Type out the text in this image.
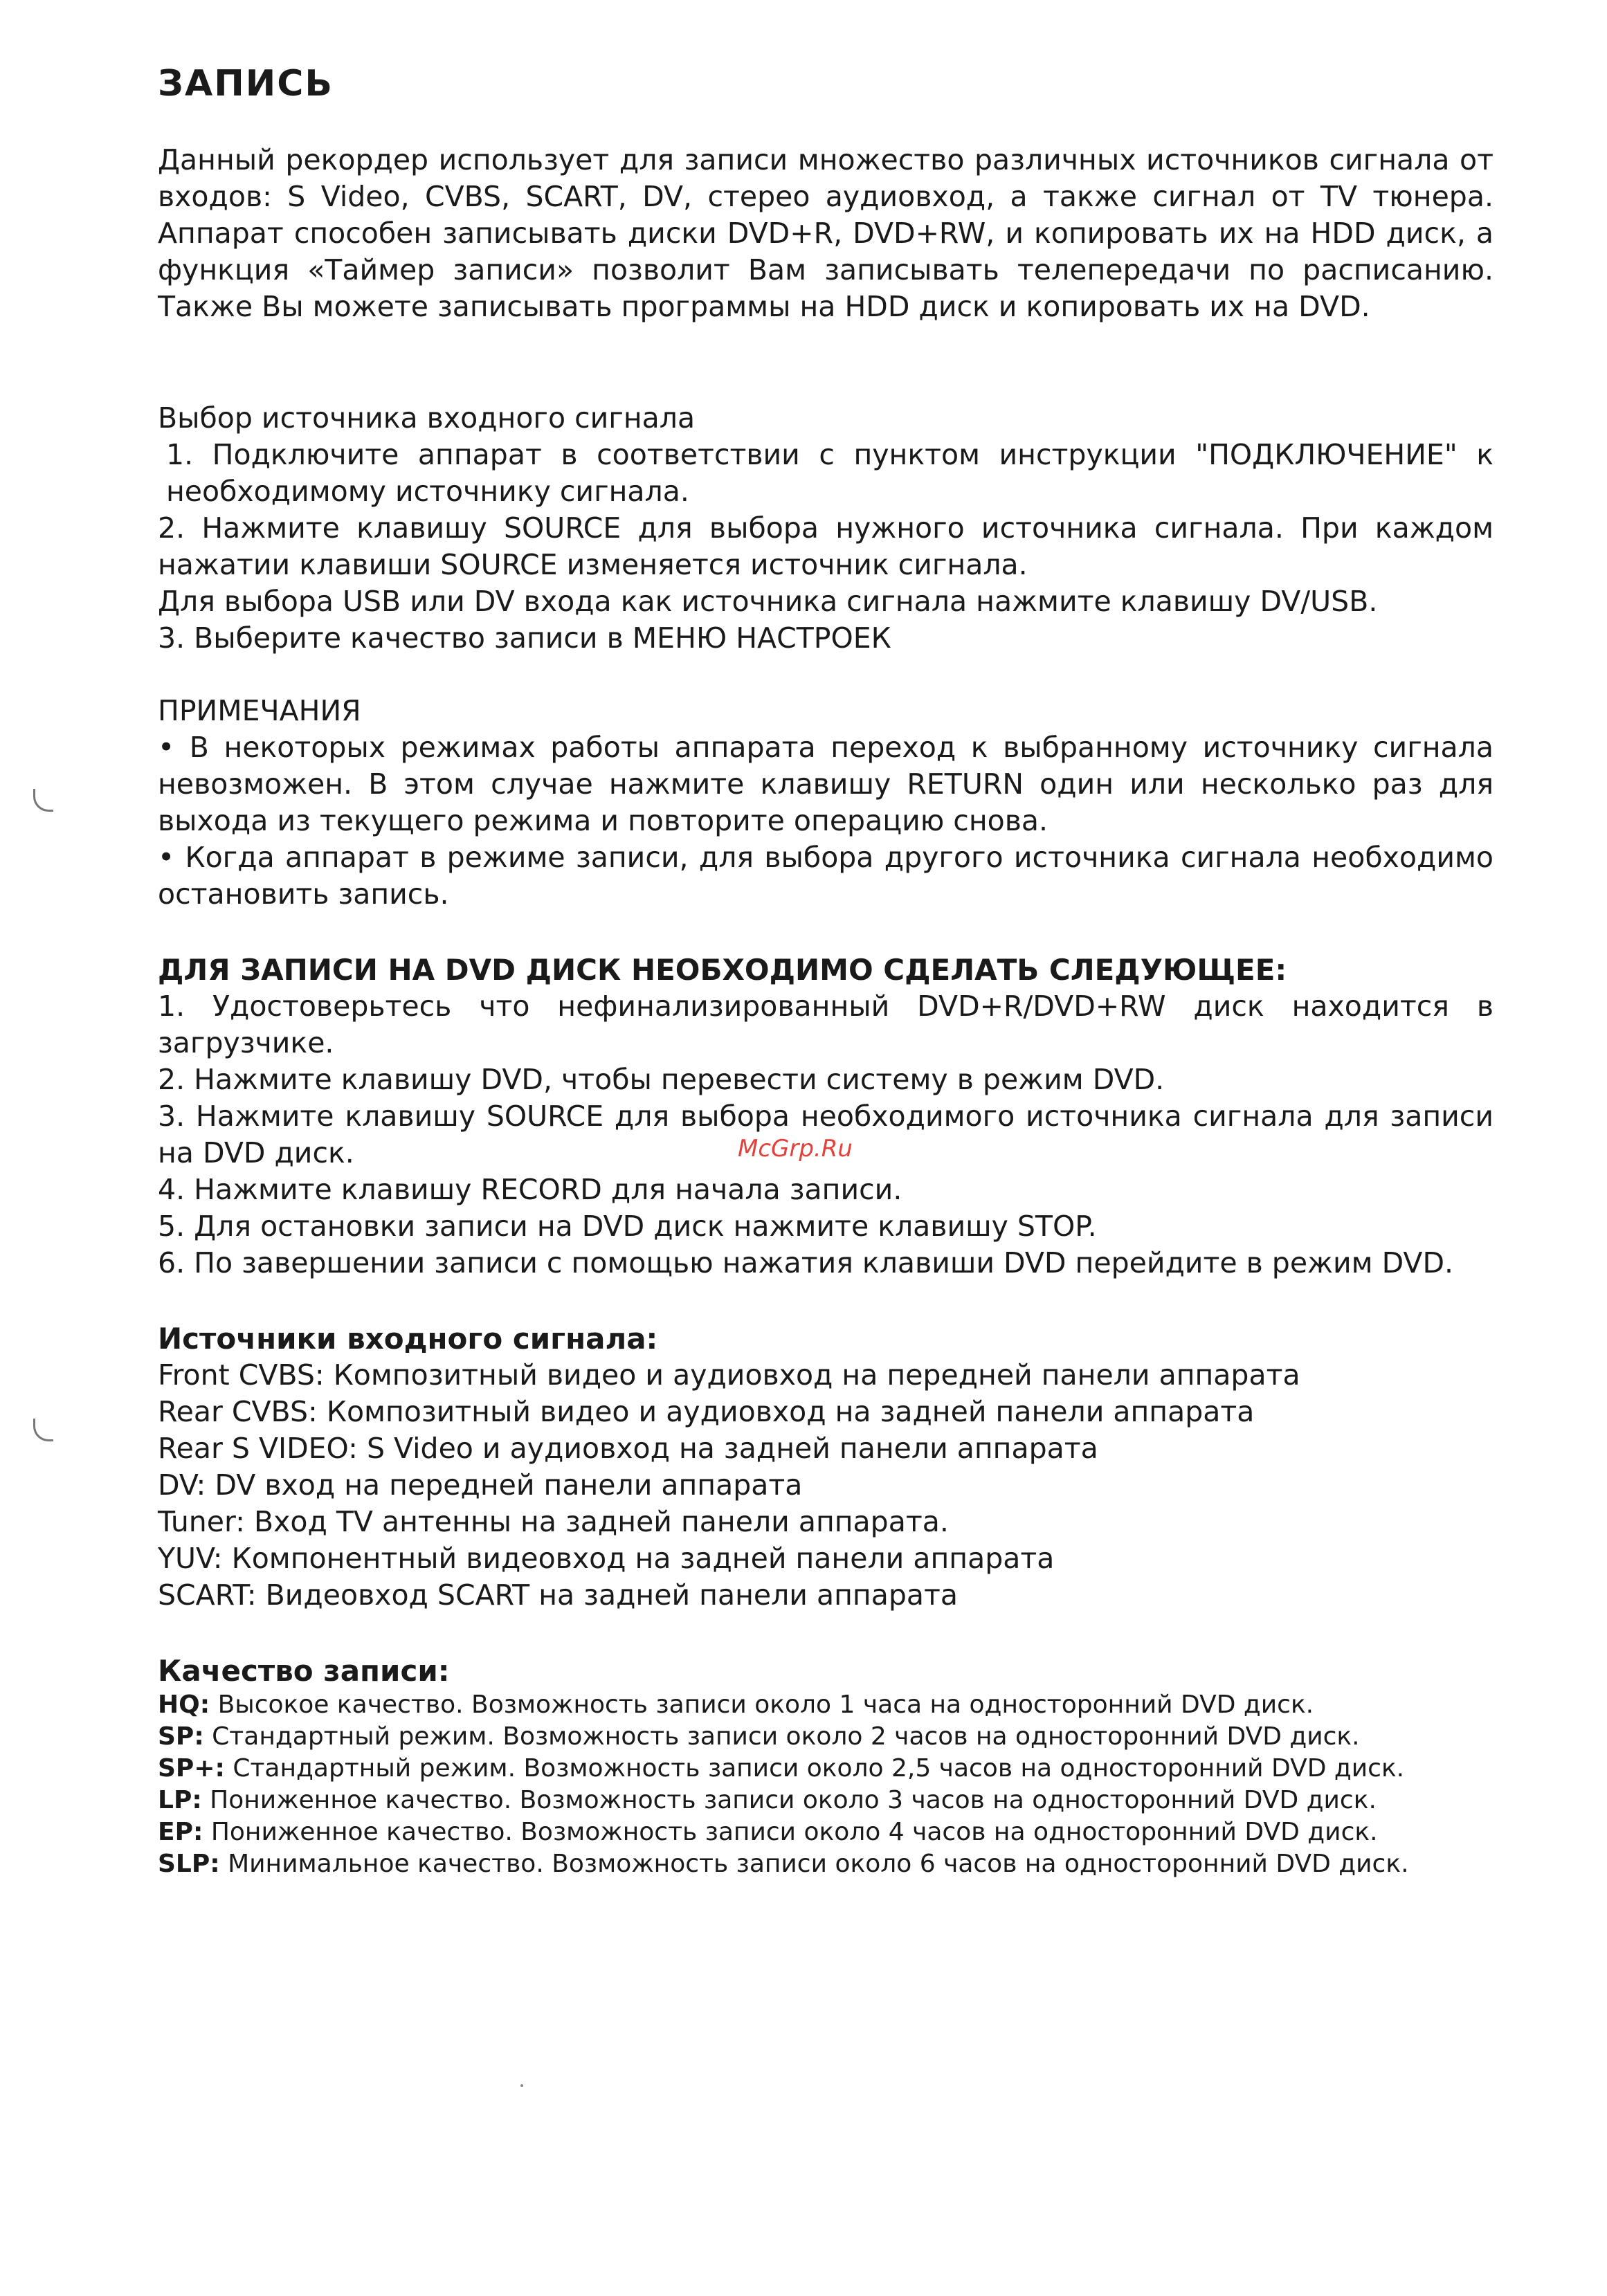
ЗАПИСЬ

Данный рекордер использует для записи множество различных источников сигнала от входов: S Video, CVBS, SCART, DV, стерео аудиовход, а также сигнал от TV тюнера. Аппарат способен записывать диски DVD+R, DVD+RW, и копировать их на HDD диск, а функция «Таймер записи» позволит Вам записывать телепередачи по расписанию. Также Вы можете записывать программы на HDD диск и копировать их на DVD.

Выбор источника входного сигнала

1. Подключите аппарат в соответствии с пунктом инструкции "ПОДКЛЮЧЕНИЕ" к необходимому источнику сигнала.

2. Нажмите клавишу SOURCE для выбора нужного источника сигнала. При каждом нажатии клавиши SOURCE изменяется источник сигнала.

Для выбора USB или DV входа как источника сигнала нажмите клавишу DV/USB.

3. Выберите качество записи в МЕНЮ НАСТРОЕК

ПРИМЕЧАНИЯ

• В некоторых режимах работы аппарата переход к выбранному источнику сигнала невозможен. В этом случае нажмите клавишу RETURN один или несколько раз для выхода из текущего режима и повторите операцию снова.

• Когда аппарат в режиме записи, для выбора другого источника сигнала необходимо остановить запись.

ДЛЯ ЗАПИСИ НА DVD ДИСК НЕОБХОДИМО СДЕЛАТЬ СЛЕДУЮЩЕЕ:

1. Удостоверьтесь что нефинализированный DVD+R/DVD+RW диск находится в загрузчике.

2. Нажмите клавишу DVD, чтобы перевести систему в режим DVD.

3. Нажмите клавишу SOURCE для выбора необходимого источника сигнала для записи на DVD диск.

4. Нажмите клавишу RECORD для начала записи.

5. Для остановки записи на DVD диск нажмите клавишу STOP.

6. По завершении записи с помощью нажатия клавиши DVD перейдите в режим DVD.

Источники входного сигнала:

Front CVBS: Композитный видео и аудиовход на передней панели аппарата

Rear CVBS: Композитный видео и аудиовход на задней панели аппарата

Rear S VIDEO: S Video и аудиовход на задней панели аппарата

DV: DV вход на передней панели аппарата

Tuner: Вход TV антенны на задней панели аппарата.

YUV: Компонентный видеовход на задней панели аппарата

SCART: Видеовход SCART на задней панели аппарата

Качество записи:

HQ: Высокое качество. Возможность записи около 1 часа на односторонний DVD диск.

SP: Стандартный режим. Возможность записи около 2 часов на односторонний DVD диск.

SP+: Стандартный режим. Возможность записи около 2,5 часов на односторонний DVD диск.

LP: Пониженное качество. Возможность записи около 3 часов на односторонний DVD диск.

EP: Пониженное качество. Возможность записи около 4 часов на односторонний DVD диск.

SLP: Минимальное качество. Возможность записи около 6 часов на односторонний DVD диск.

McGrp.Ru
